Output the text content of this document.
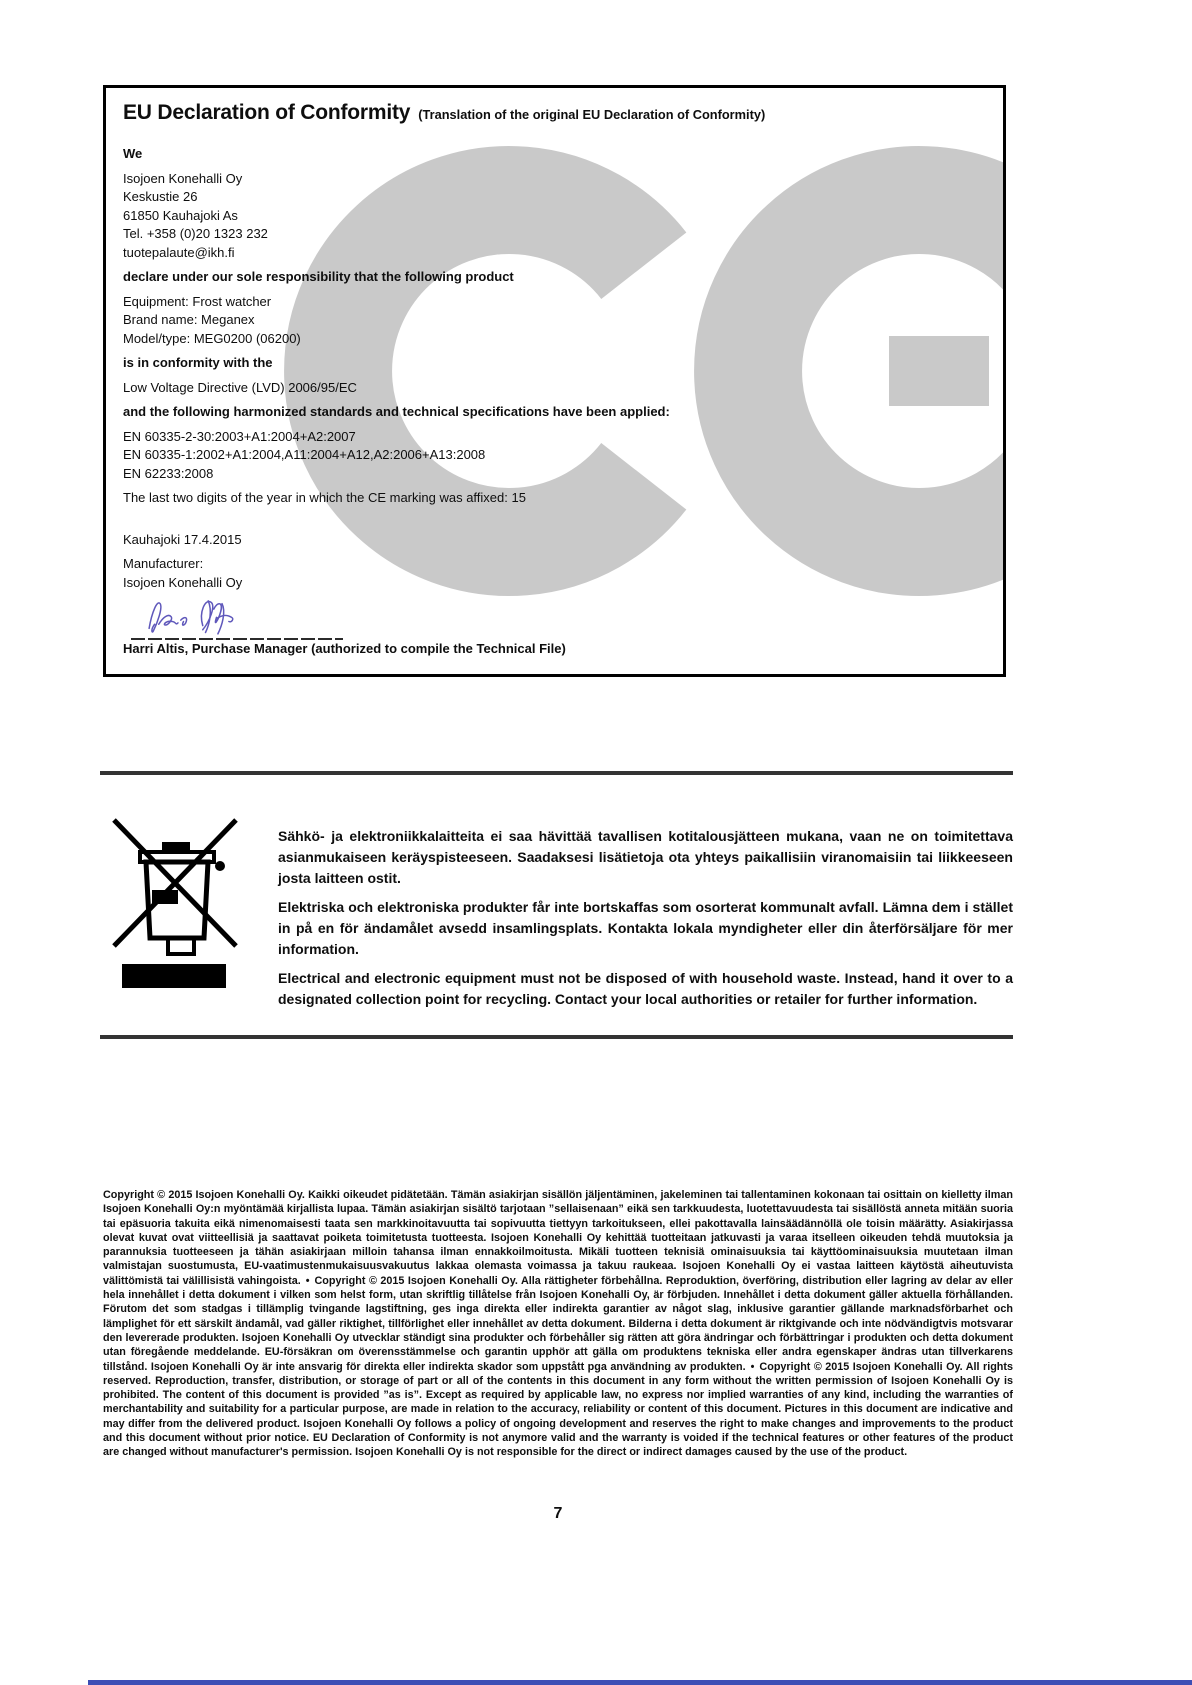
EU Declaration of Conformity (Translation of the original EU Declaration of Conformity)
We
Isojoen Konehalli Oy
Keskustie 26
61850 Kauhajoki As
Tel. +358 (0)20 1323 232
tuotepalaute@ikh.fi
declare under our sole responsibility that the following product
Equipment: Frost watcher
Brand name: Meganex
Model/type: MEG0200 (06200)
is in conformity with the
Low Voltage Directive (LVD) 2006/95/EC
and the following harmonized standards and technical specifications have been applied:
EN 60335-2-30:2003+A1:2004+A2:2007
EN 60335-1:2002+A1:2004,A11:2004+A12,A2:2006+A13:2008
EN 62233:2008
The last two digits of the year in which the CE marking was affixed: 15
Kauhajoki 17.4.2015
Manufacturer:
Isojoen Konehalli Oy
Harri Altis, Purchase Manager (authorized to compile the Technical File)

Sähkö- ja elektroniikkalaitteita ei saa hävittää tavallisen kotitalousjätteen mukana, vaan ne on toimitettava asianmukaiseen keräyspisteeseen. Saadaksesi lisätietoja ota yhteys paikallisiin viranomaisiin tai liikkeeseen josta laitteen ostit.

Elektriska och elektroniska produkter får inte bortskaffas som osorterat kommunalt avfall. Lämna dem i stället in på en för ändamålet avsedd insamlingsplats. Kontakta lokala myndigheter eller din återförsäljare för mer information.

Electrical and electronic equipment must not be disposed of with household waste. Instead, hand it over to a designated collection point for recycling. Contact your local authorities or retailer for further information.

Copyright © 2015 Isojoen Konehalli Oy. Kaikki oikeudet pidätetään. Tämän asiakirjan sisällön jäljentäminen, jakeleminen tai tallentaminen kokonaan tai osittain on kielletty ilman Isojoen Konehalli Oy:n myöntämää kirjallista lupaa. Tämän asiakirjan sisältö tarjotaan ”sellaisenaan” eikä sen tarkkuudesta, luotettavuudesta tai sisällöstä anneta mitään suoria tai epäsuoria takuita eikä nimenomaisesti taata sen markkinoitavuutta tai sopivuutta tiettyyn tarkoitukseen, ellei pakottavalla lainsäädännöllä ole toisin määrätty. Asiakirjassa olevat kuvat ovat viitteellisiä ja saattavat poiketa toimitetusta tuotteesta. Isojoen Konehalli Oy kehittää tuotteitaan jatkuvasti ja varaa itselleen oikeuden tehdä muutoksia ja parannuksia tuotteeseen ja tähän asiakirjaan milloin tahansa ilman ennakkoilmoitusta. Mikäli tuotteen teknisiä ominaisuuksia tai käyttöominaisuuksia muutetaan ilman valmistajan suostumusta, EU-vaatimustenmukaisuusvakuutus lakkaa olemasta voimassa ja takuu raukeaa. Isojoen Konehalli Oy ei vastaa laitteen käytöstä aiheutuvista välittömistä tai välillisistä vahingoista. • Copyright © 2015 Isojoen Konehalli Oy. Alla rättigheter förbehållna. Reproduktion, överföring, distribution eller lagring av delar av eller hela innehållet i detta dokument i vilken som helst form, utan skriftlig tillåtelse från Isojoen Konehalli Oy, är förbjuden. Innehållet i detta dokument gäller aktuella förhållanden. Förutom det som stadgas i tillämplig tvingande lagstiftning, ges inga direkta eller indirekta garantier av något slag, inklusive garantier gällande marknadsförbarhet och lämplighet för ett särskilt ändamål, vad gäller riktighet, tillförlighet eller innehållet av detta dokument. Bilderna i detta dokument är riktgivande och inte nödvändigtvis motsvarar den levererade produkten. Isojoen Konehalli Oy utvecklar ständigt sina produkter och förbehåller sig rätten att göra ändringar och förbättringar i produkten och detta dokument utan föregående meddelande. EU-försäkran om överensstämmelse och garantin upphör att gälla om produktens tekniska eller andra egenskaper ändras utan tillverkarens tillstånd. Isojoen Konehalli Oy är inte ansvarig för direkta eller indirekta skador som uppstått pga användning av produkten. • Copyright © 2015 Isojoen Konehalli Oy. All rights reserved. Reproduction, transfer, distribution, or storage of part or all of the contents in this document in any form without the written permission of Isojoen Konehalli Oy is prohibited. The content of this document is provided ”as is”. Except as required by applicable law, no express nor implied warranties of any kind, including the warranties of merchantability and suitability for a particular purpose, are made in relation to the accuracy, reliability or content of this document. Pictures in this document are indicative and may differ from the delivered product. Isojoen Konehalli Oy follows a policy of ongoing development and reserves the right to make changes and improvements to the product and this document without prior notice. EU Declaration of Conformity is not anymore valid and the warranty is voided if the technical features or other features of the product are changed without manufacturer's permission. Isojoen Konehalli Oy is not responsible for the direct or indirect damages caused by the use of the product.

7
